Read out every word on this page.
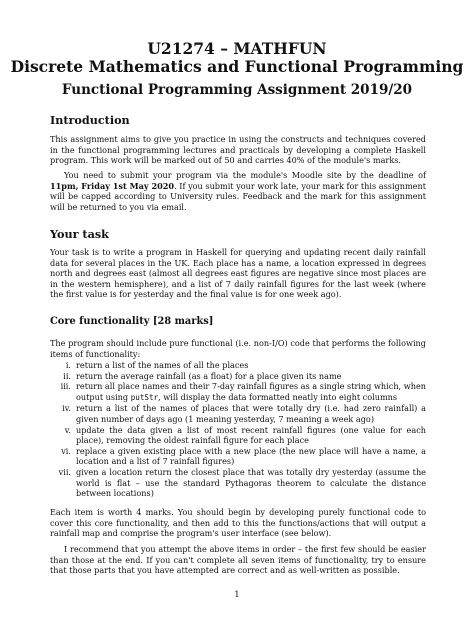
U21274 – MATHFUN
Discrete Mathematics and Functional Programming
Functional Programming Assignment 2019/20
Introduction

This assignment aims to give you practice in using the constructs and techniques covered in the functional programming lectures and practicals by developing a complete Haskell program. This work will be marked out of 50 and carries 40% of the module's marks.

You need to submit your program via the module's Moodle site by the deadline of 11pm, Friday 1st May 2020. If you submit your work late, your mark for this assignment will be capped according to University rules. Feedback and the mark for this assignment will be returned to you via email.

Your task

Your task is to write a program in Haskell for querying and updating recent daily rainfall data for several places in the UK. Each place has a name, a location expressed in degrees north and degrees east (almost all degrees east figures are negative since most places are in the western hemisphere), and a list of 7 daily rainfall figures for the last week (where the first value is for yesterday and the final value is for one week ago).

Core functionality [28 marks]

The program should include pure functional (i.e. non-I/O) code that performs the following items of functionality:

i. return a list of the names of all the places
ii. return the average rainfall (as a float) for a place given its name
iii. return all place names and their 7-day rainfall figures as a single string which, when output using putStr, will display the data formatted neatly into eight columns
iv. return a list of the names of places that were totally dry (i.e. had zero rainfall) a given number of days ago (1 meaning yesterday, 7 meaning a week ago)
v. update the data given a list of most recent rainfall figures (one value for each place), removing the oldest rainfall figure for each place
vi. replace a given existing place with a new place (the new place will have a name, a location and a list of 7 rainfall figures)
vii. given a location return the closest place that was totally dry yesterday (assume the world is flat – use the standard Pythagoras theorem to calculate the distance between locations)

Each item is worth 4 marks. You should begin by developing purely functional code to cover this core functionality, and then add to this the functions/actions that will output a rainfall map and comprise the program's user interface (see below).

I recommend that you attempt the above items in order – the first few should be easier than those at the end. If you can't complete all seven items of functionality, try to ensure that those parts that you have attempted are correct and as well-written as possible.

1
